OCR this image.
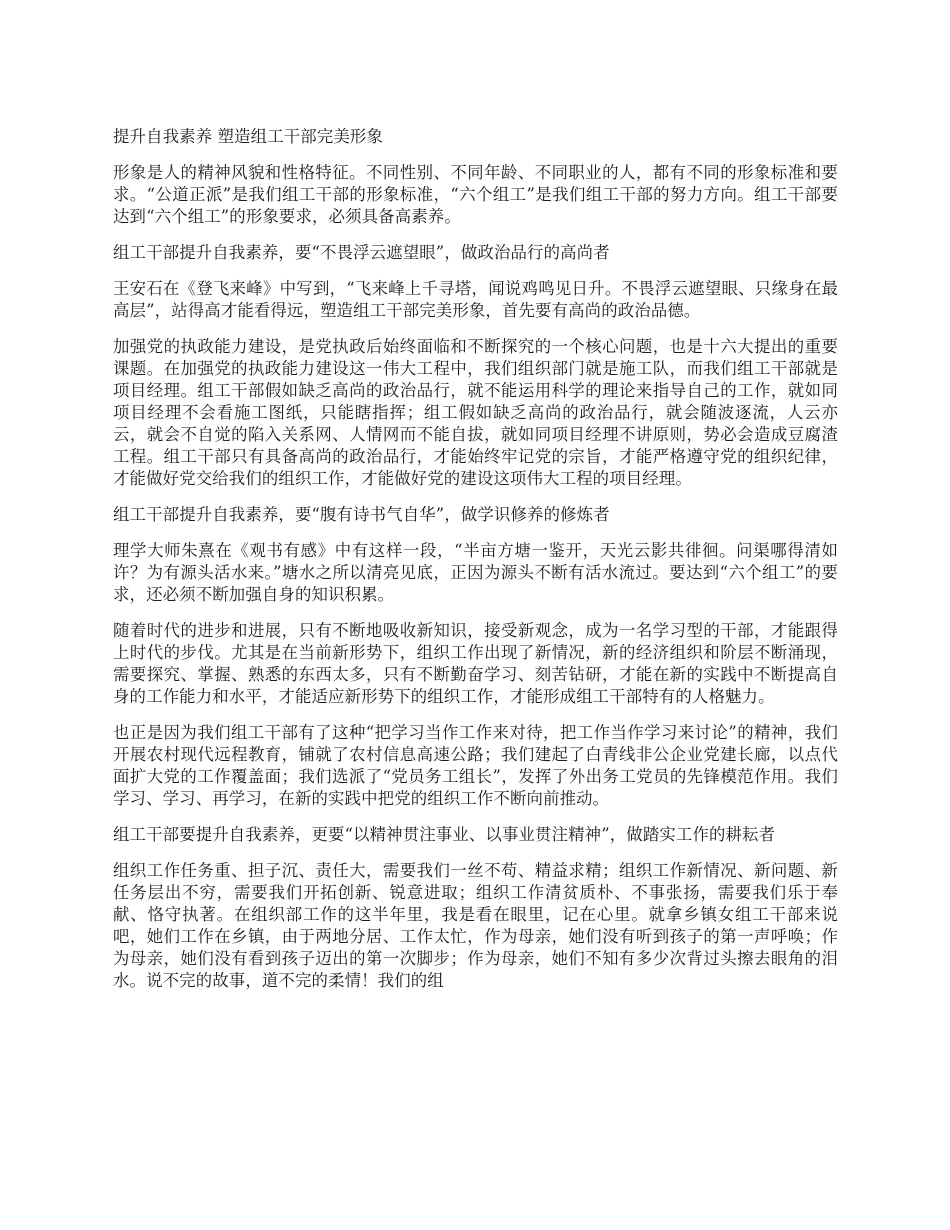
提升自我素养 塑造组工干部完美形象

形象是人的精神风貌和性格特征。不同性别、不同年龄、不同职业的人，都有不同的形象标准和要求。“公道正派”是我们组工干部的形象标准，“六个组工”是我们组工干部的努力方向。组工干部要达到“六个组工”的形象要求，必须具备高素养。

组工干部提升自我素养，要“不畏浮云遮望眼”，做政治品行的高尚者

王安石在《登飞来峰》中写到，“飞来峰上千寻塔，闻说鸡鸣见日升。不畏浮云遮望眼、只缘身在最高层”，站得高才能看得远，塑造组工干部完美形象，首先要有高尚的政治品德。

加强党的执政能力建设，是党执政后始终面临和不断探究的一个核心问题，也是十六大提出的重要课题。在加强党的执政能力建设这一伟大工程中，我们组织部门就是施工队，而我们组工干部就是项目经理。组工干部假如缺乏高尚的政治品行，就不能运用科学的理论来指导自己的工作，就如同项目经理不会看施工图纸，只能瞎指挥；组工假如缺乏高尚的政治品行，就会随波逐流，人云亦云，就会不自觉的陷入关系网、人情网而不能自拔，就如同项目经理不讲原则，势必会造成豆腐渣工程。组工干部只有具备高尚的政治品行，才能始终牢记党的宗旨，才能严格遵守党的组织纪律，才能做好党交给我们的组织工作，才能做好党的建设这项伟大工程的项目经理。

组工干部提升自我素养，要“腹有诗书气自华”，做学识修养的修炼者

理学大师朱熹在《观书有感》中有这样一段，“半亩方塘一鉴开，天光云影共徘徊。问渠哪得清如许？为有源头活水来。”塘水之所以清亮见底，正因为源头不断有活水流过。要达到“六个组工”的要求，还必须不断加强自身的知识积累。

随着时代的进步和进展，只有不断地吸收新知识，接受新观念，成为一名学习型的干部，才能跟得上时代的步伐。尤其是在当前新形势下，组织工作出现了新情况，新的经济组织和阶层不断涌现，需要探究、掌握、熟悉的东西太多，只有不断勤奋学习、刻苦钻研，才能在新的实践中不断提高自身的工作能力和水平，才能适应新形势下的组织工作，才能形成组工干部特有的人格魅力。

也正是因为我们组工干部有了这种“把学习当作工作来对待，把工作当作学习来讨论”的精神，我们开展农村现代远程教育，铺就了农村信息高速公路；我们建起了白青线非公企业党建长廊，以点代面扩大党的工作覆盖面；我们选派了“党员务工组长”，发挥了外出务工党员的先锋模范作用。我们学习、学习、再学习，在新的实践中把党的组织工作不断向前推动。

组工干部要提升自我素养，更要“以精神贯注事业、以事业贯注精神”，做踏实工作的耕耘者

组织工作任务重、担子沉、责任大，需要我们一丝不苟、精益求精；组织工作新情况、新问题、新任务层出不穷，需要我们开拓创新、锐意进取；组织工作清贫质朴、不事张扬，需要我们乐于奉献、恪守执著。在组织部工作的这半年里，我是看在眼里，记在心里。就拿乡镇女组工干部来说吧，她们工作在乡镇，由于两地分居、工作太忙，作为母亲，她们没有听到孩子的第一声呼唤；作为母亲，她们没有看到孩子迈出的第一次脚步；作为母亲，她们不知有多少次背过头擦去眼角的泪水。说不完的故事，道不完的柔情！我们的组
